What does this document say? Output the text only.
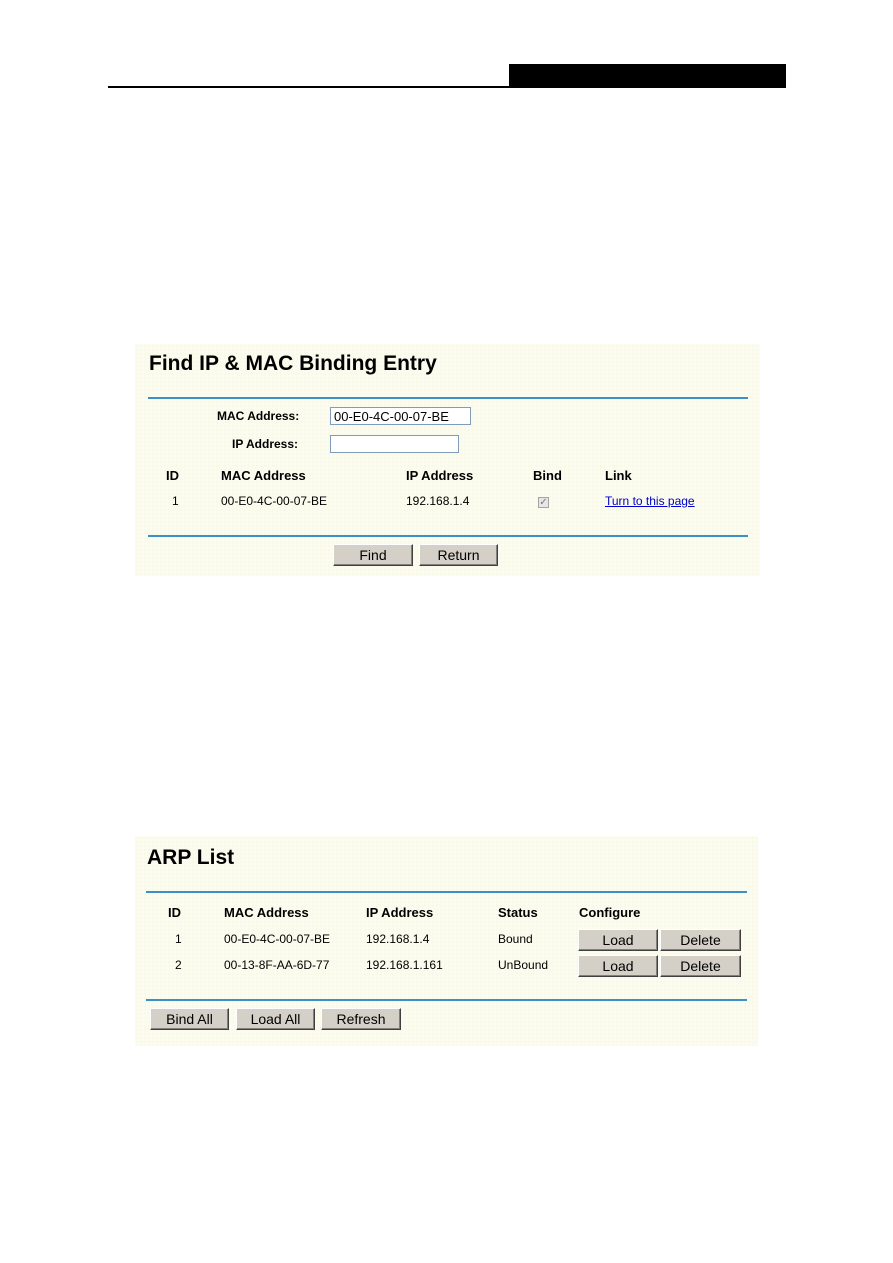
Find IP & MAC Binding Entry
MAC Address:
00-E0-4C-00-07-BE
IP Address:
ID	MAC Address	IP Address	Bind	Link
1	00-E0-4C-00-07-BE	192.168.1.4	✓	Turn to this page
Find	Return
ARP List
ID	MAC Address	IP Address	Status	Configure
1	00-E0-4C-00-07-BE	192.168.1.4	Bound	Load	Delete
2	00-13-8F-AA-6D-77	192.168.1.161	UnBound	Load	Delete
Bind All	Load All	Refresh
